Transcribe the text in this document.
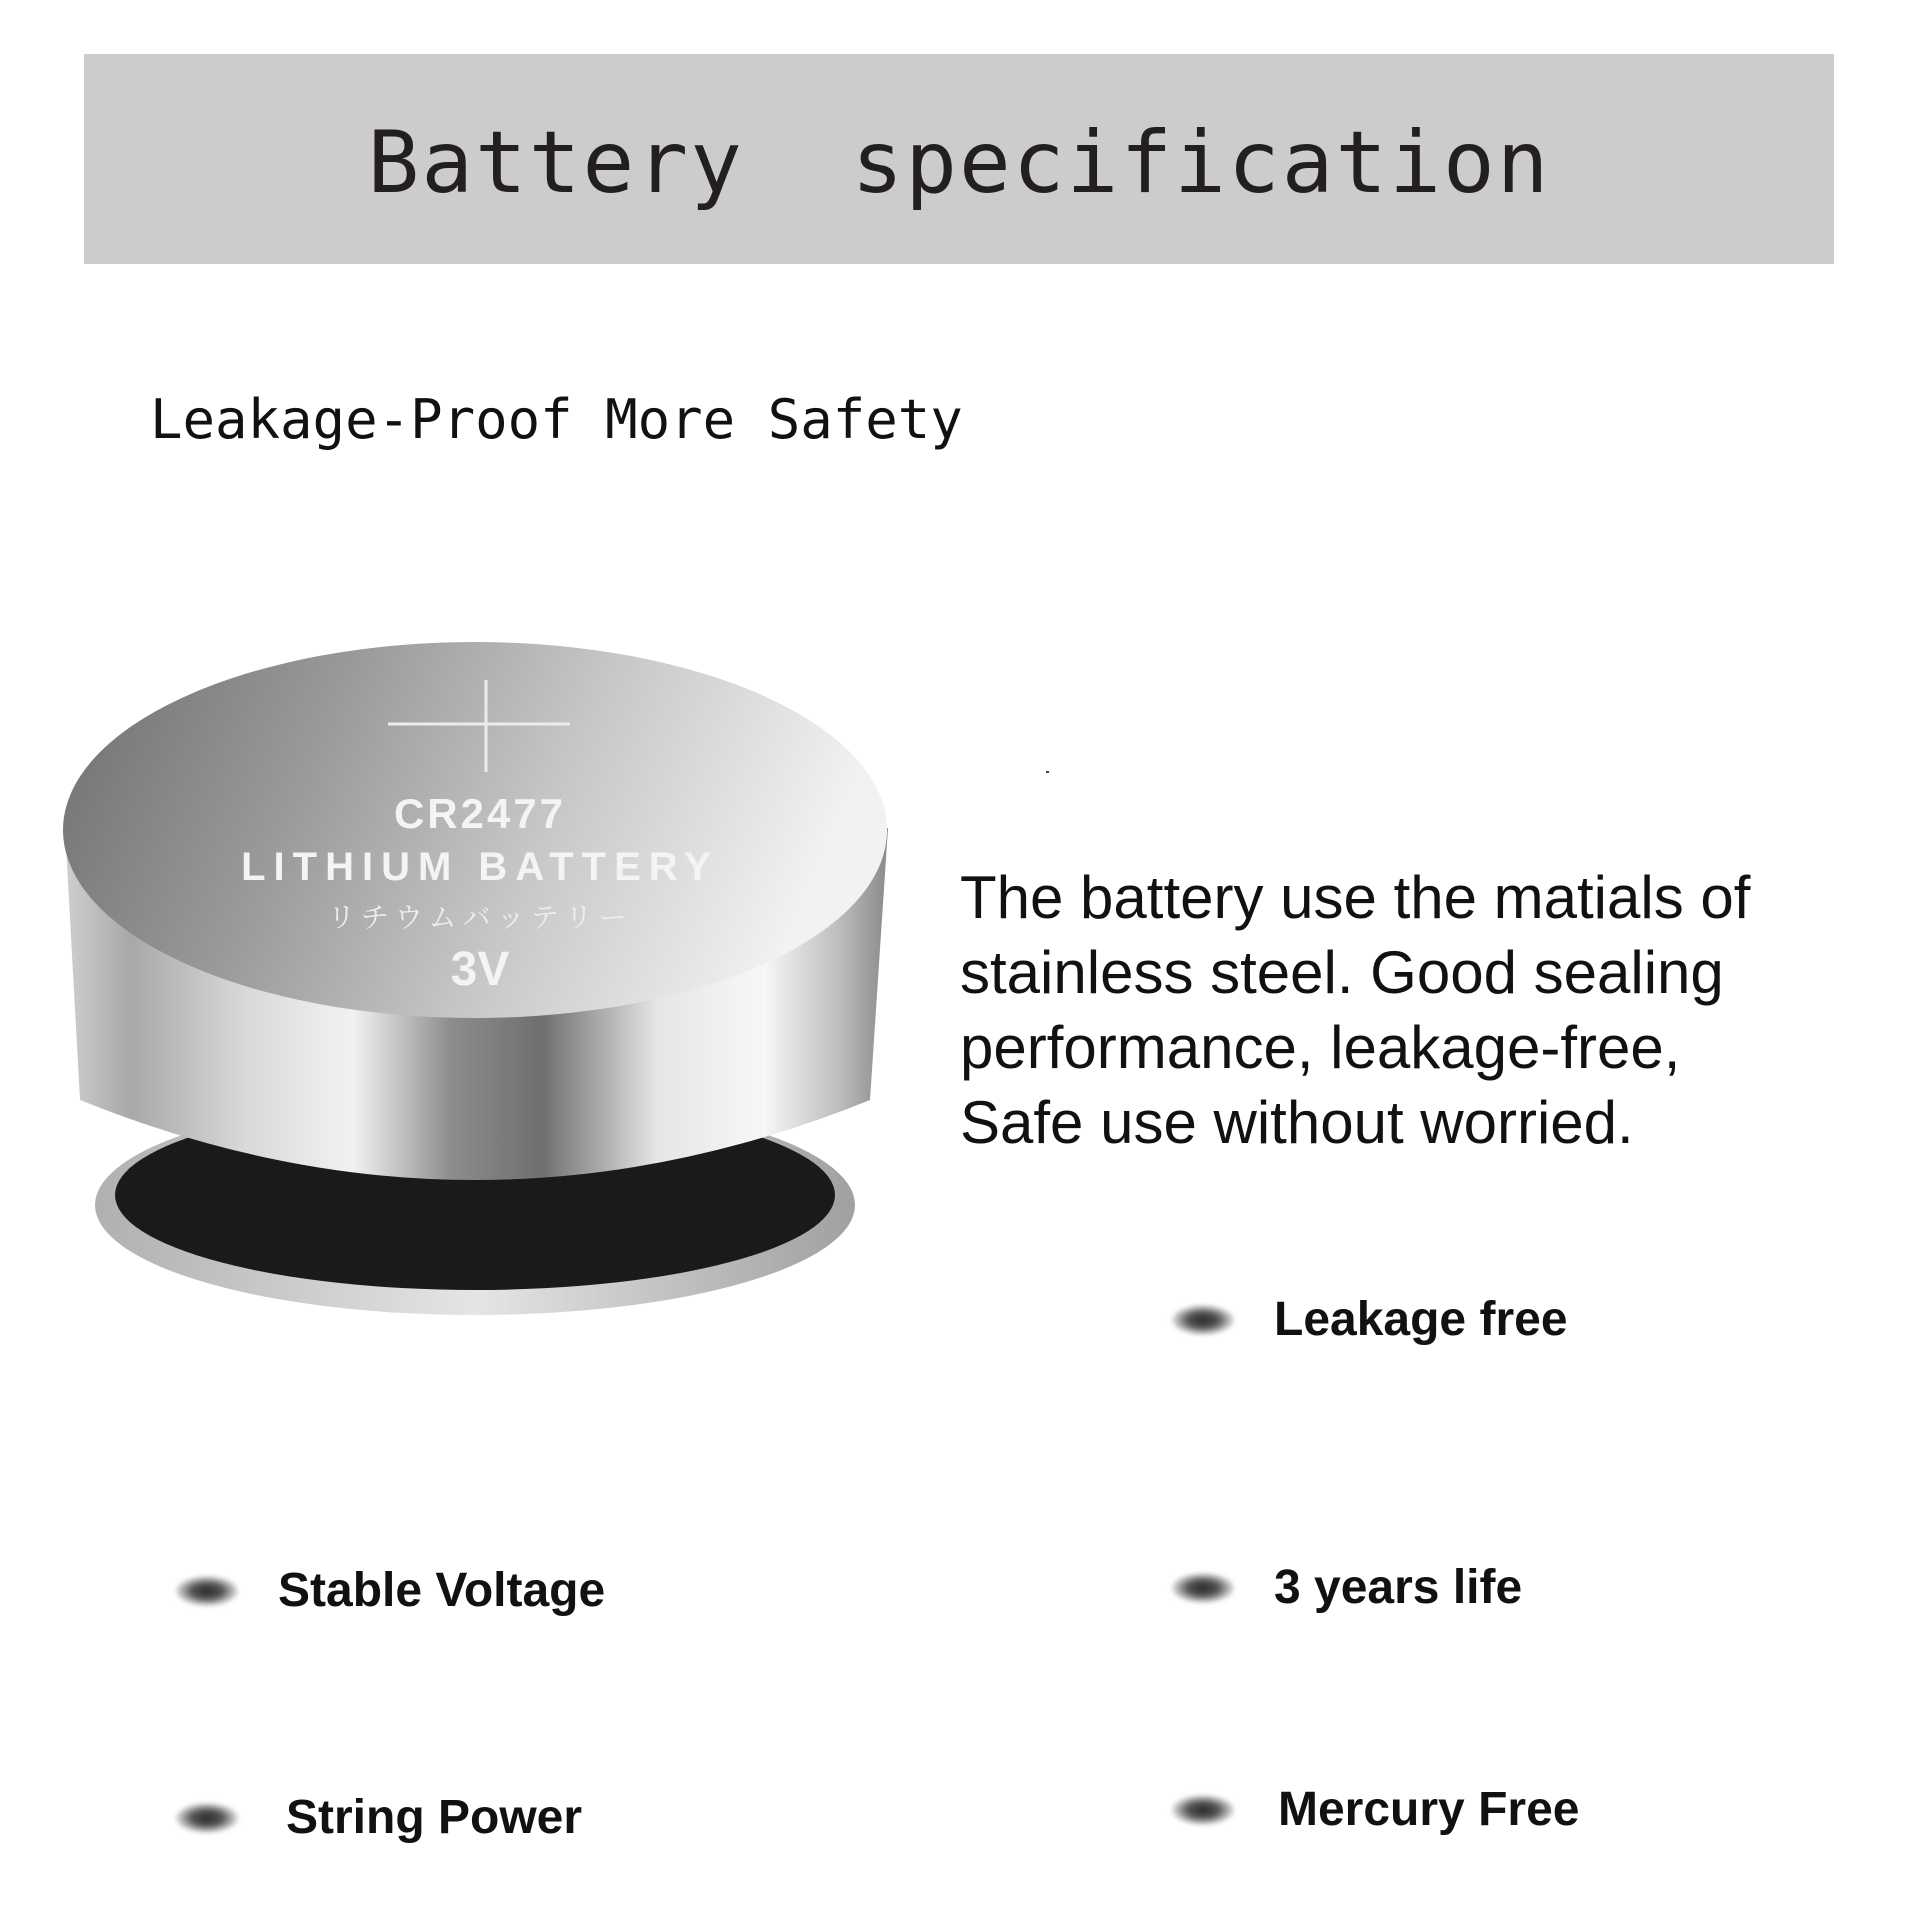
Battery  specification
Leakage-Proof More Safety
CR2477
LITHIUM BATTERY
リチウムバッテリー
3V

The battery use the matials of

stainless steel. Good sealing

performance, leakage-free,

Safe use without worried.

Leakage free
Stable Voltage	3 years life
String Power	Mercury Free
